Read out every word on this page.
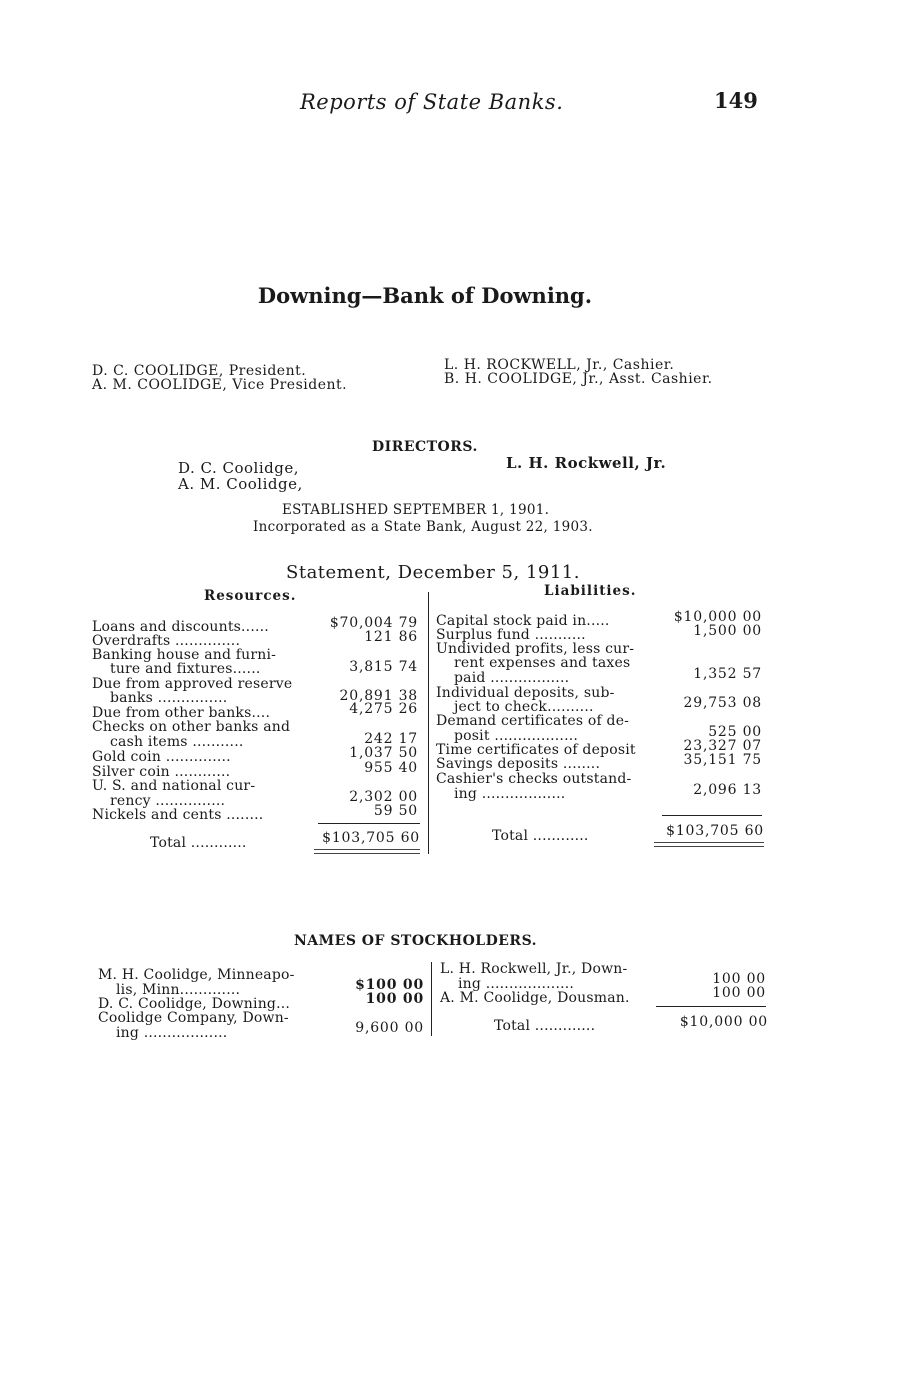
Reports of State Banks.	149
Downing—Bank of Downing.
D. C. COOLIDGE, President.
A. M. COOLIDGE, Vice President.
L. H. ROCKWELL, Jr., Cashier.
B. H. COOLIDGE, Jr., Asst. Cashier.
DIRECTORS.
D. C. Coolidge,
A. M. Coolidge,
L. H. Rockwell, Jr.
ESTABLISHED SEPTEMBER 1, 1901.
Incorporated as a State Bank, August 22, 1903.
Statement, December 5, 1911.
Resources.	Liabilities.
Loans and discounts......	$70,004 79
Overdrafts ..............	121 86
Banking house and furni-
ture and fixtures......	3,815 74
Due from approved reserve
banks ...............	20,891 38
Due from other banks....	4,275 26
Checks on other banks and
cash items ...........	242 17
Gold coin ..............	1,037 50
Silver coin ............	955 40
U. S. and national cur-
rency ...............	2,302 00
Nickels and cents ........	59 50
Total ............	$103,705 60
Capital stock paid in.....	$10,000 00
Surplus fund ...........	1,500 00
Undivided profits, less cur-
rent expenses and taxes
paid .................	1,352 57
Individual deposits, sub-
ject to check..........	29,753 08
Demand certificates of de-
posit ..................	525 00
Time certificates of deposit	23,327 07
Savings deposits ........	35,151 75
Cashier's checks outstand-
ing ..................	2,096 13
Total ............	$103,705 60
NAMES OF STOCKHOLDERS.
M. H. Coolidge, Minneapo-
lis, Minn.............	$100 00
D. C. Coolidge, Downing...	100 00
Coolidge Company, Down-
ing ..................	9,600 00
L. H. Rockwell, Jr., Down-
ing ...................	100 00
A. M. Coolidge, Dousman.	100 00
Total .............	$10,000 00
